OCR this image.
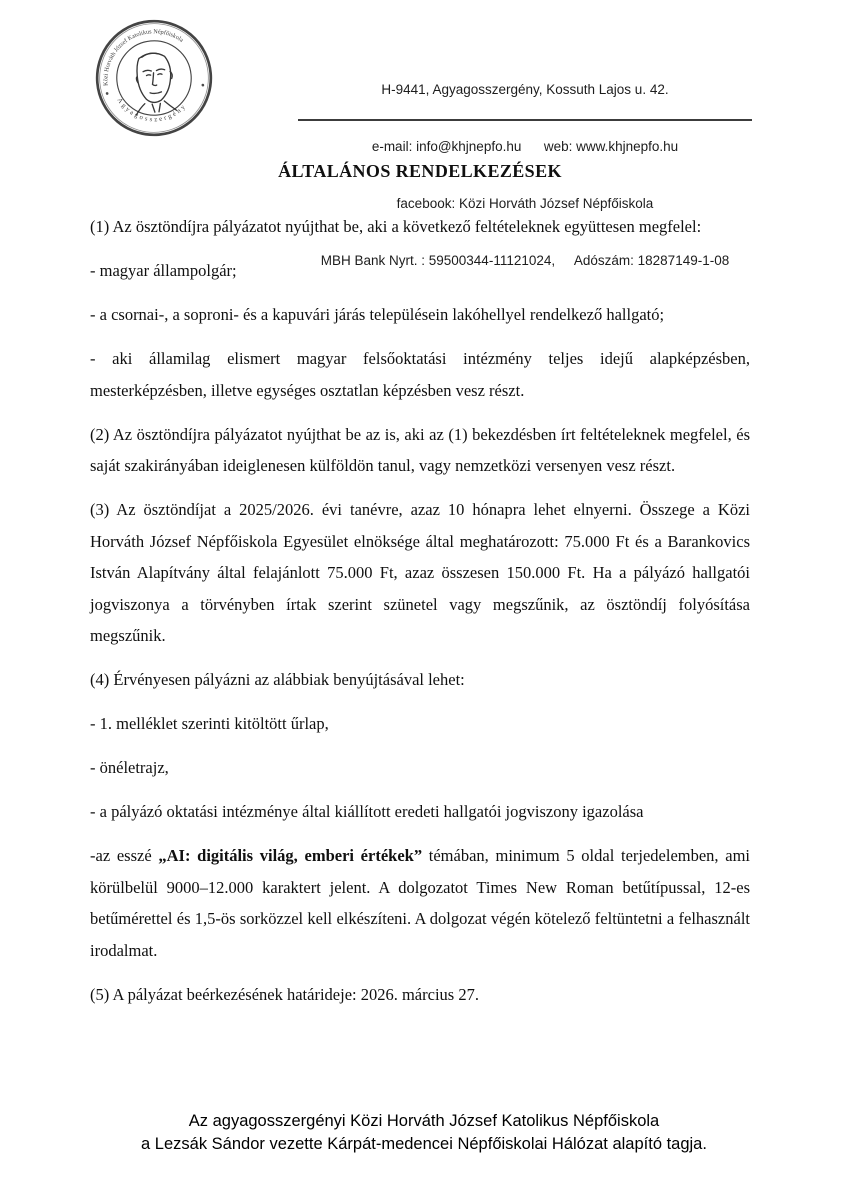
Közi Horváth József Katolikus Népfőiskola
Agyagosszergény

H-9441, Agyagosszergény, Kossuth Lajos u. 42.

e-mail: info@khjnepfo.hu      web: www.khjnepfo.hu

facebook: Közi Horváth József Népfőiskola

MBH Bank Nyrt. : 59500344-11121024,     Adószám: 18287149-1-08

ÁLTALÁNOS RENDELKEZÉSEK

(1) Az ösztöndíjra pályázatot nyújthat be, aki a következő feltételeknek együttesen megfelel:

- magyar állampolgár;

- a csornai-, a soproni- és a kapuvári járás településein lakóhellyel rendelkező hallgató;

- aki államilag elismert magyar felsőoktatási intézmény teljes idejű alapképzésben, mesterképzésben, illetve egységes osztatlan képzésben vesz részt.

(2) Az ösztöndíjra pályázatot nyújthat be az is, aki az (1) bekezdésben írt feltételeknek megfelel, és saját szakirányában ideiglenesen külföldön tanul, vagy nemzetközi versenyen vesz részt.

(3) Az ösztöndíjat a 2025/2026. évi tanévre, azaz 10 hónapra lehet elnyerni. Összege a Közi Horváth József Népfőiskola Egyesület elnöksége által meghatározott: 75.000 Ft és a Barankovics István Alapítvány által felajánlott 75.000 Ft, azaz összesen 150.000 Ft. Ha a pályázó hallgatói jogviszonya a törvényben írtak szerint szünetel vagy megszűnik, az ösztöndíj folyósítása megszűnik.

(4) Érvényesen pályázni az alábbiak benyújtásával lehet:

- 1. melléklet szerinti kitöltött űrlap,

- önéletrajz,

- a pályázó oktatási intézménye által kiállított eredeti hallgatói jogviszony igazolása

-az esszé „AI: digitális világ, emberi értékek” témában, minimum 5 oldal terjedelemben, ami körülbelül 9000–12.000 karaktert jelent. A dolgozatot Times New Roman betűtípussal, 12-es betűmérettel és 1,5-ös sorközzel kell elkészíteni. A dolgozat végén kötelező feltüntetni a felhasznált irodalmat.

(5) A pályázat beérkezésének határideje: 2026. március 27.

Az agyagosszergényi Közi Horváth József Katolikus Népfőiskola
a Lezsák Sándor vezette Kárpát-medencei Népfőiskolai Hálózat alapító tagja.
